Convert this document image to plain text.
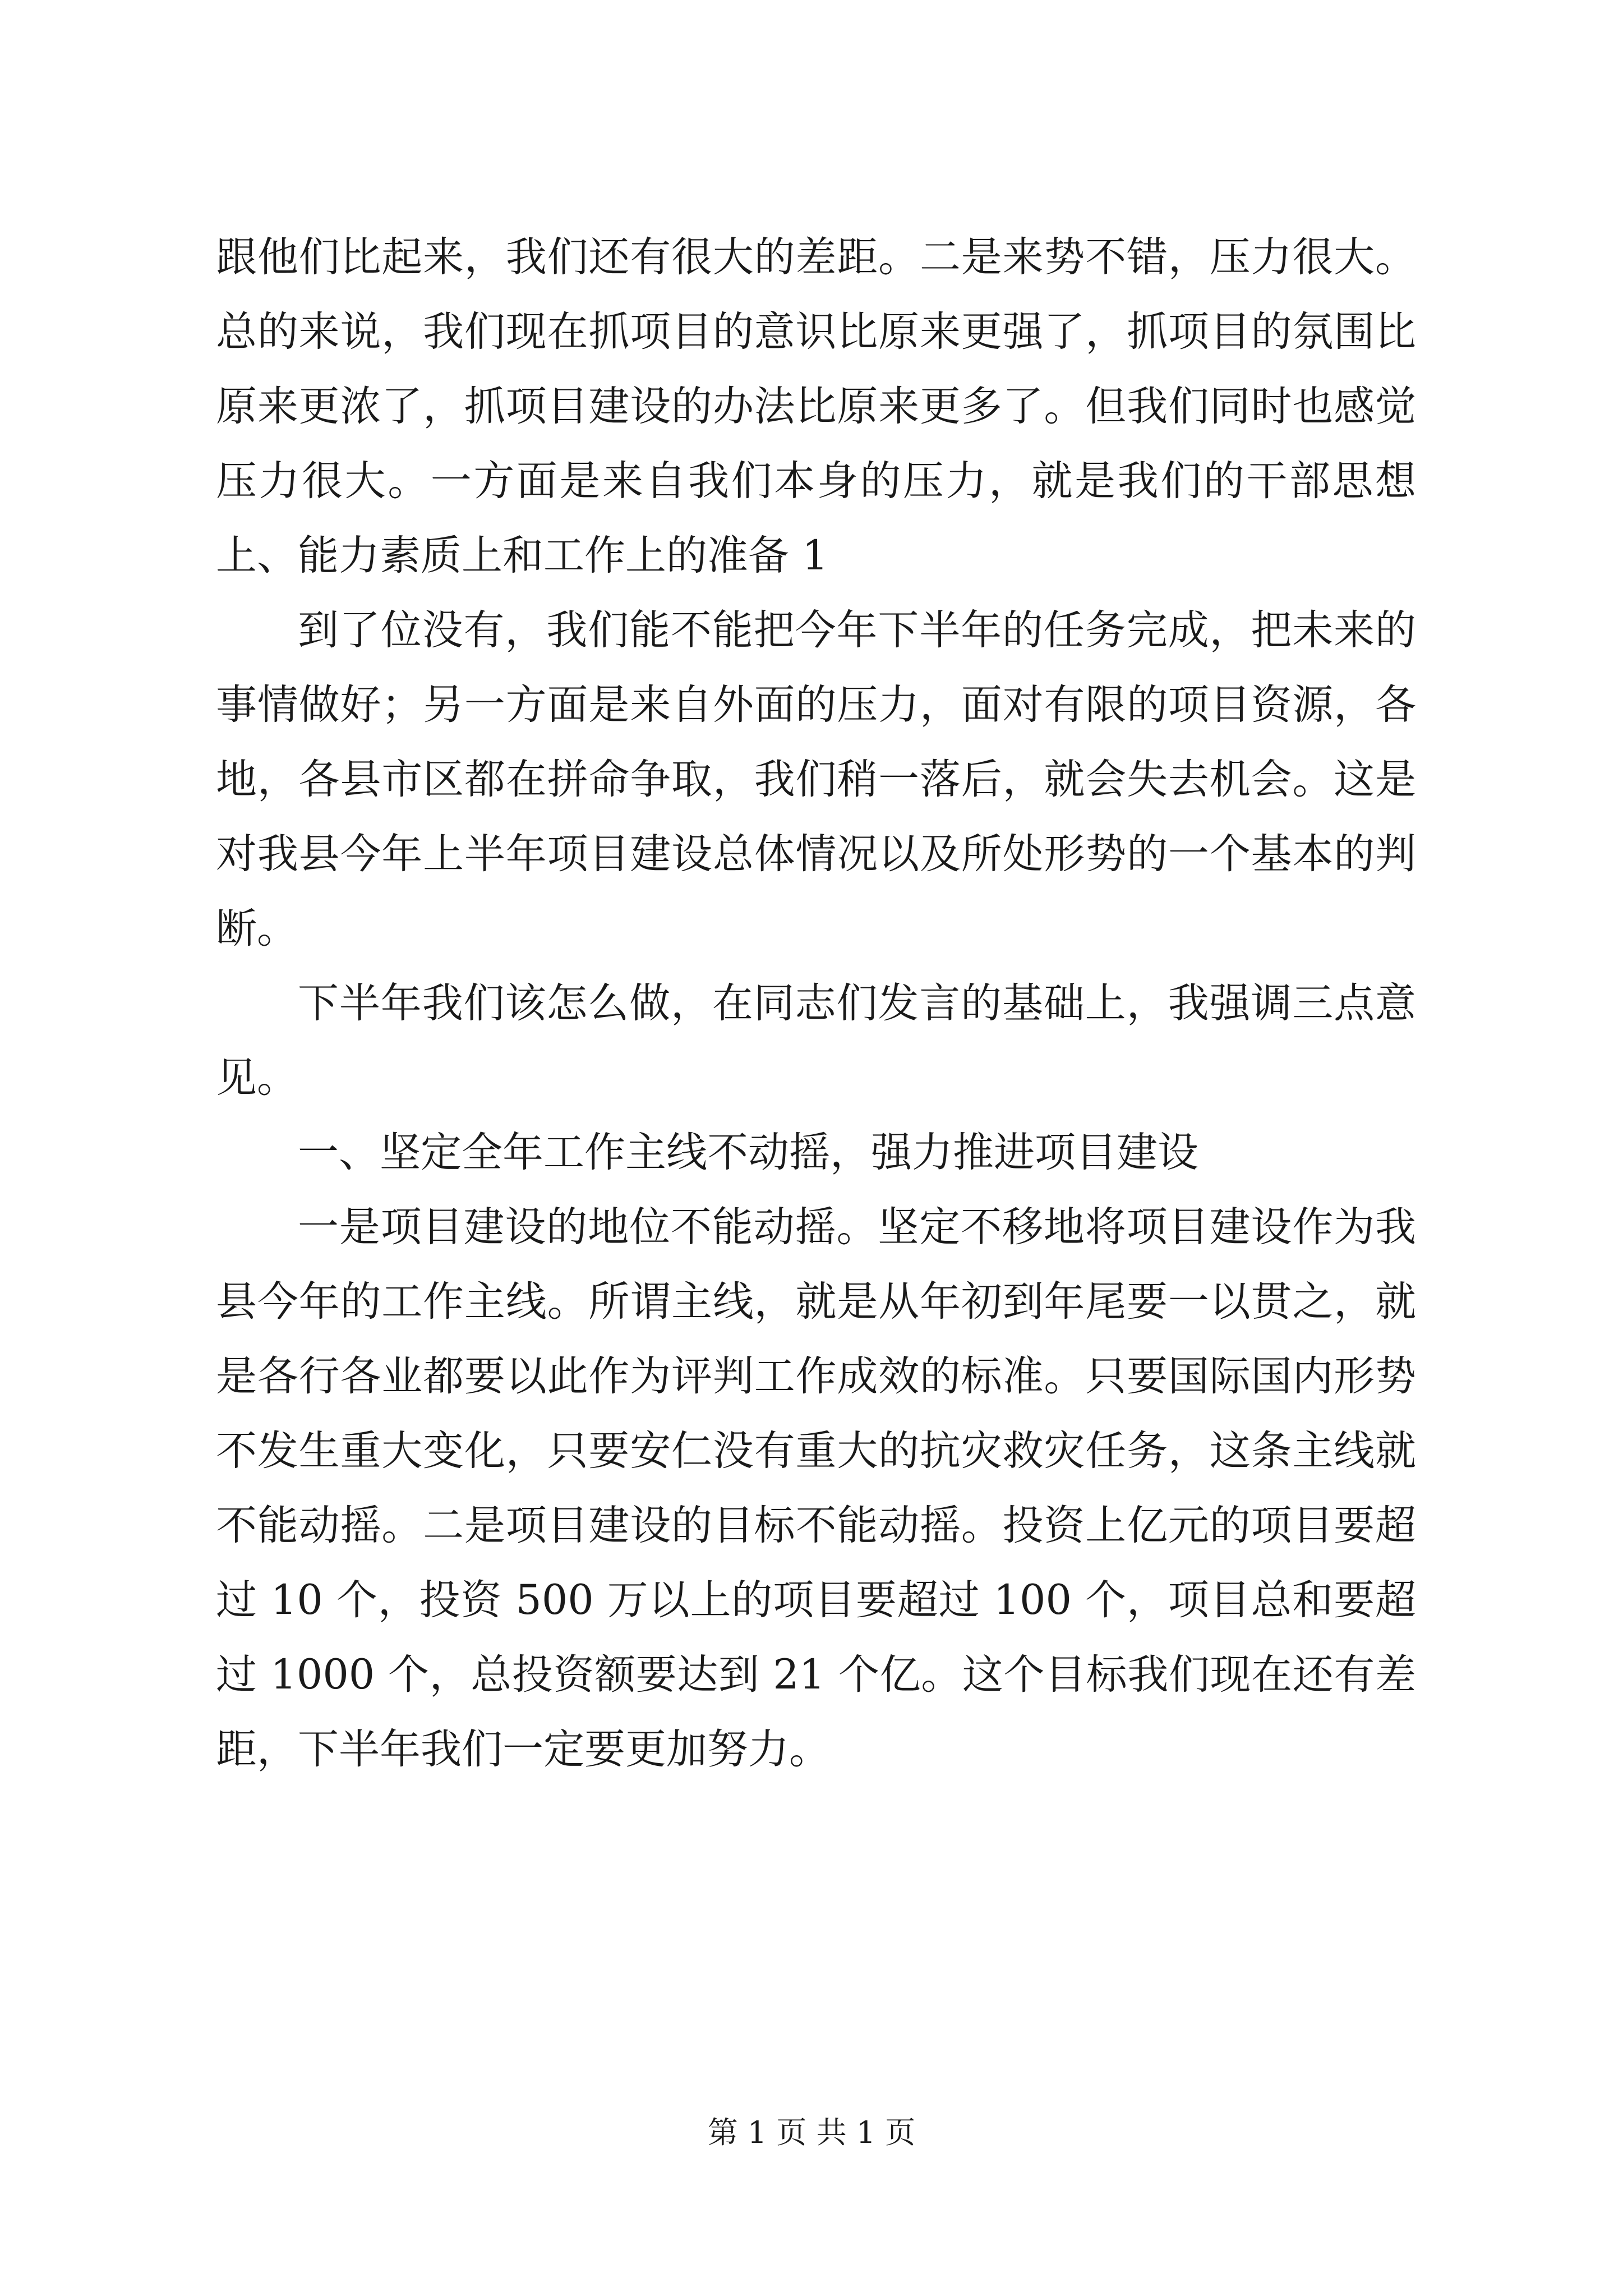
跟他们比起来，我们还有很大的差距。二是来势不错，压力很大。总的来说，我们现在抓项目的意识比原来更强了，抓项目的氛围比原来更浓了，抓项目建设的办法比原来更多了。但我们同时也感觉压力很大。一方面是来自我们本身的压力，就是我们的干部思想上、能力素质上和工作上的准备 1

到了位没有，我们能不能把今年下半年的任务完成，把未来的事情做好；另一方面是来自外面的压力，面对有限的项目资源，各地，各县市区都在拼命争取，我们稍一落后，就会失去机会。这是对我县今年上半年项目建设总体情况以及所处形势的一个基本的判断。

下半年我们该怎么做，在同志们发言的基础上，我强调三点意见。

一、坚定全年工作主线不动摇，强力推进项目建设

一是项目建设的地位不能动摇。坚定不移地将项目建设作为我县今年的工作主线。所谓主线，就是从年初到年尾要一以贯之，就是各行各业都要以此作为评判工作成效的标准。只要国际国内形势不发生重大变化，只要安仁没有重大的抗灾救灾任务，这条主线就不能动摇。二是项目建设的目标不能动摇。投资上亿元的项目要超过 10 个，投资 500 万以上的项目要超过 100 个，项目总和要超过 1000 个，总投资额要达到 21 个亿。这个目标我们现在还有差距，下半年我们一定要更加努力。

第 1 页 共 1 页
